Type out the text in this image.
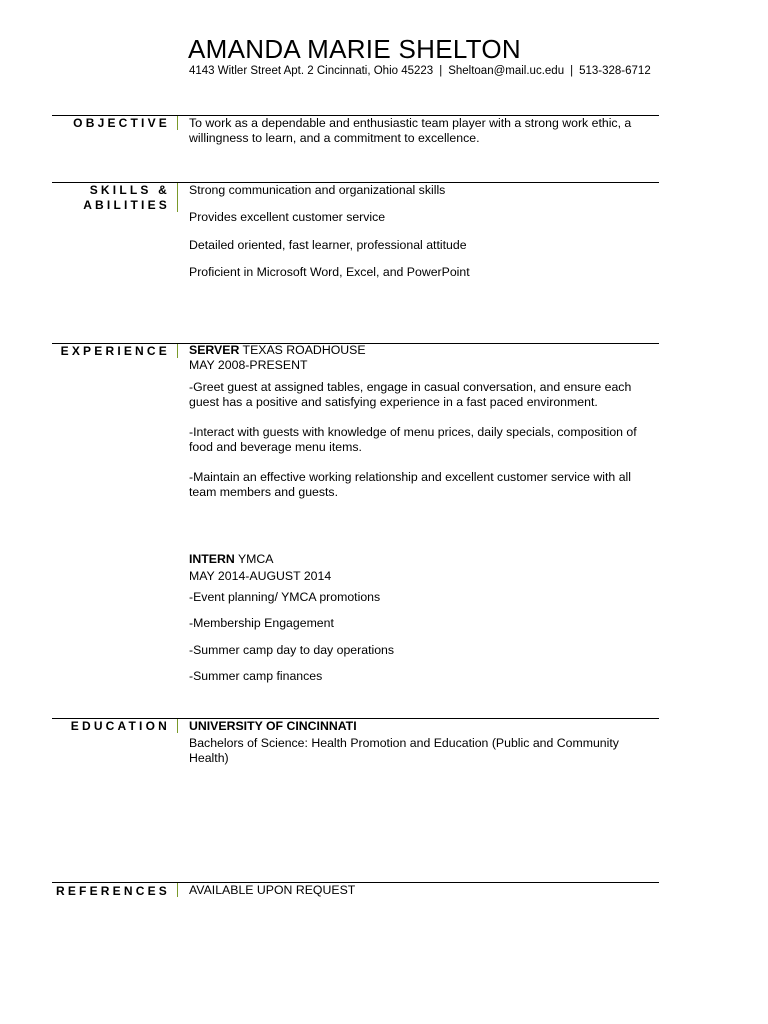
AMANDA MARIE SHELTON
4143 Witler Street Apt. 2 Cincinnati, Ohio 45223 | Sheltoan@mail.uc.edu | 513-328-6712
OBJECTIVE To work as a dependable and enthusiastic team player with a strong work ethic, a willingness to learn, and a commitment to excellence.
SKILLS &
ABILITIES
Strong communication and organizational skills
Provides excellent customer service
Detailed oriented, fast learner, professional attitude
Proficient in Microsoft Word, Excel, and PowerPoint
EXPERIENCE SERVER TEXAS ROADHOUSE
MAY 2008-PRESENT
-Greet guest at assigned tables, engage in casual conversation, and ensure each guest has a positive and satisfying experience in a fast paced environment.
-Interact with guests with knowledge of menu prices, daily specials, composition of food and beverage menu items.
-Maintain an effective working relationship and excellent customer service with all team members and guests.
INTERN YMCA
MAY 2014-AUGUST 2014
-Event planning/ YMCA promotions
-Membership Engagement
-Summer camp day to day operations
-Summer camp finances
EDUCATION UNIVERSITY OF CINCINNATI
Bachelors of Science: Health Promotion and Education (Public and Community Health)
REFERENCES AVAILABLE UPON REQUEST
